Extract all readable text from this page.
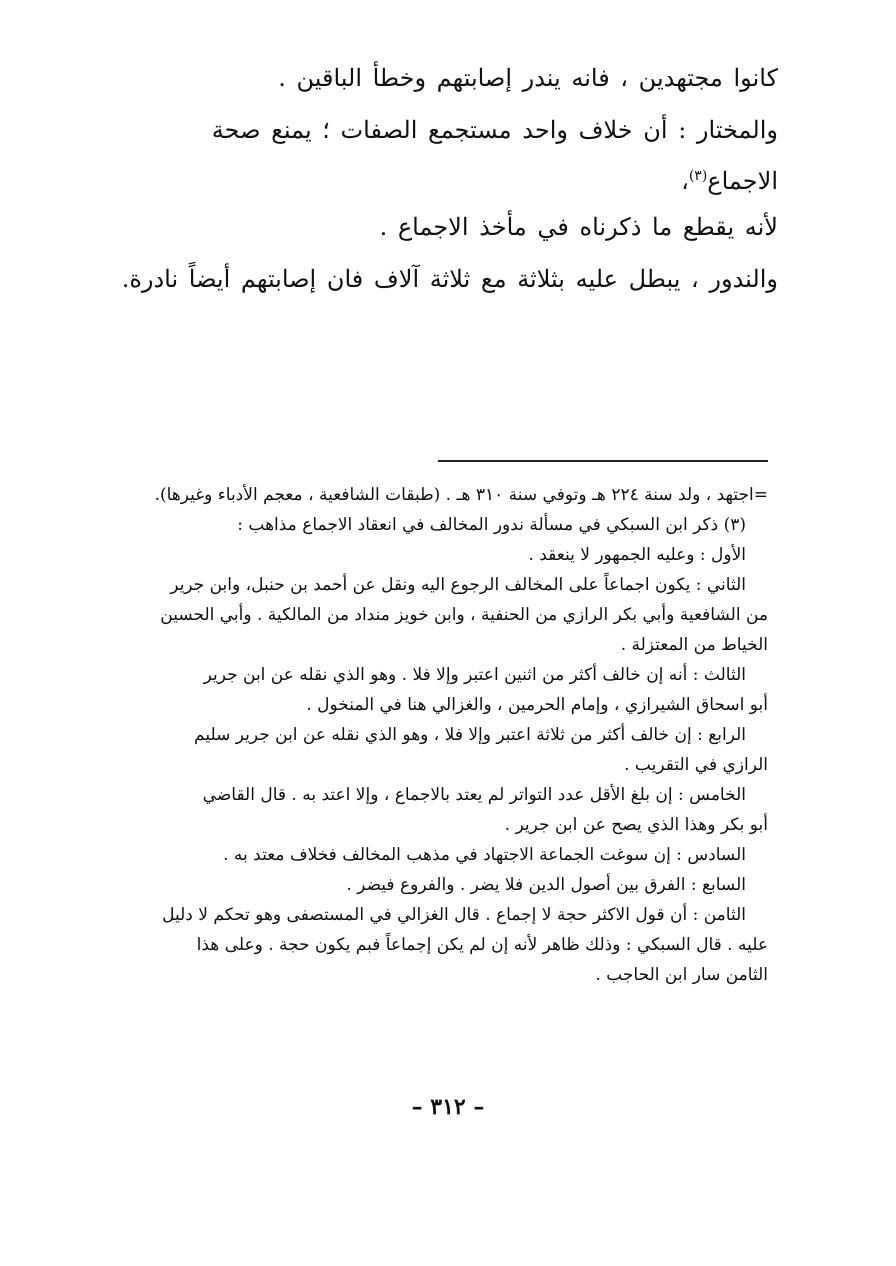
كانوا مجتهدين ، فانه يندر إصابتهم وخطأ الباقين .

والمختار : أن خلاف واحد مستجمع الصفات ؛ يمنع صحة الاجماع$^{(٣)}$،

لأنه يقطع ما ذكرناه في مأخذ الاجماع .

والندور ، يبطل عليه بثلاثة مع ثلاثة آلاف فان إصابتهم أيضاً نادرة.

=اجتهد ، ولد سنة ٢٢٤ هـ وتوفي سنة ٣١٠ هـ . (طبقات الشافعية ، معجم الأدباء وغيرها).

(٣) ذكر ابن السبكي في مسألة ندور المخالف في انعقاد الاجماع مذاهب :

الأول : وعليه الجمهور لا ينعقد .

الثاني : يكون اجماعاً على المخالف الرجوع اليه ونقل عن أحمد بن حنبل، وابن جرير

من الشافعية وأبي بكر الرازي من الحنفية ، وابن خويز منداد من المالكية . وأبي الحسين

الخياط من المعتزلة .

الثالث : أنه إن خالف أكثر من اثنين اعتبر وإلا فلا . وهو الذي نقله عن ابن جرير

أبو اسحاق الشيرازي ، وإمام الحرمين ، والغزالي هنا في المنخول .

الرابع : إن خالف أكثر من ثلاثة اعتبر وإلا فلا ، وهو الذي نقله عن ابن جرير سليم

الرازي في التقريب .

الخامس : إن بلغ الأقل عدد التواتر لم يعتد بالاجماع ، وإلا اعتد به . قال القاضي

أبو بكر وهذا الذي يصح عن ابن جرير .

السادس : إن سوغت الجماعة الاجتهاد في مذهب المخالف فخلاف معتد به .

السابع : الفرق بين أصول الدين فلا يضر . والفروع فيضر .

الثامن : أن قول الاكثر حجة لا إجماع . قال الغزالي في المستصفى وهو تحكم لا دليل

عليه . قال السبكي : وذلك ظاهر لأنه إن لم يكن إجماعاً فبم يكون حجة . وعلى هذا

الثامن سار ابن الحاجب .

– ٣١٢ –
